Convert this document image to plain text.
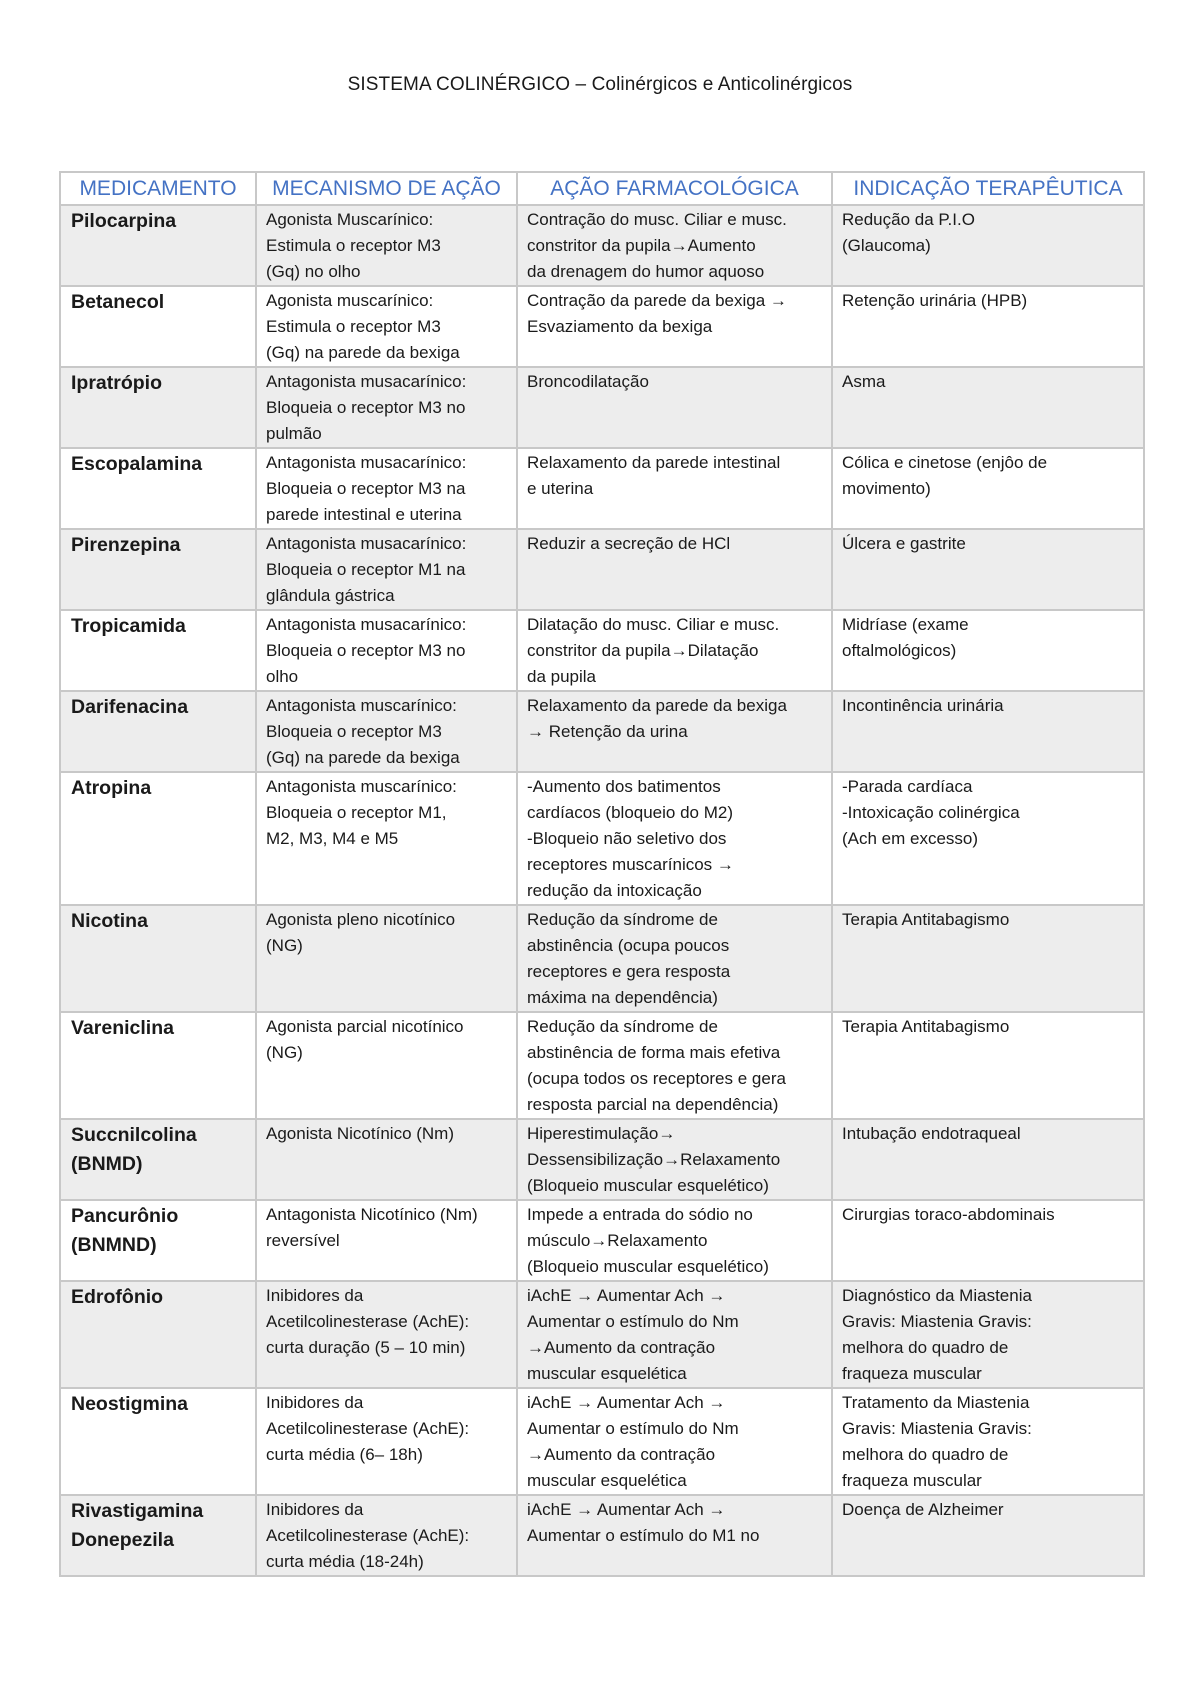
SISTEMA COLINÉRGICO – Colinérgicos e Anticolinérgicos
MEDICAMENTO	MECANISMO DE AÇÃO	AÇÃO FARMACOLÓGICA	INDICAÇÃO TERAPÊUTICA

Pilocarpina	Agonista Muscarínico:
Estimula o receptor M3
(Gq) no olho	Contração do musc. Ciliar e musc.
constritor da pupila→Aumento
da drenagem do humor aquoso	Redução da P.I.O
(Glaucoma)

Betanecol	Agonista muscarínico:
Estimula o receptor M3
(Gq) na parede da bexiga	Contração da parede da bexiga →
Esvaziamento da bexiga	Retenção urinária (HPB)

Ipratrópio	Antagonista musacarínico:
Bloqueia o receptor M3 no
pulmão	Broncodilatação	Asma

Escopalamina	Antagonista musacarínico:
Bloqueia o receptor M3 na
parede intestinal e uterina	Relaxamento da parede intestinal
e uterina	Cólica e cinetose (enjôo de
movimento)

Pirenzepina	Antagonista musacarínico:
Bloqueia o receptor M1 na
glândula gástrica	Reduzir a secreção de HCl	Úlcera e gastrite

Tropicamida	Antagonista musacarínico:
Bloqueia o receptor M3 no
olho	Dilatação do musc. Ciliar e musc.
constritor da pupila→Dilatação
da pupila	Midríase (exame
oftalmológicos)

Darifenacina	Antagonista muscarínico:
Bloqueia o receptor M3
(Gq) na parede da bexiga	Relaxamento da parede da bexiga
→ Retenção da urina	Incontinência urinária

Atropina	Antagonista muscarínico:
Bloqueia o receptor M1,
M2, M3, M4 e M5	-Aumento dos batimentos
cardíacos (bloqueio do M2)
-Bloqueio não seletivo dos
receptores muscarínicos →
redução da intoxicação	-Parada cardíaca
-Intoxicação colinérgica
(Ach em excesso)

Nicotina	Agonista pleno nicotínico
(NG)	Redução da síndrome de
abstinência (ocupa poucos
receptores e gera resposta
máxima na dependência)	Terapia Antitabagismo

Vareniclina	Agonista parcial nicotínico
(NG)	Redução da síndrome de
abstinência de forma mais efetiva
(ocupa todos os receptores e gera
resposta parcial na dependência)	Terapia Antitabagismo

Succnilcolina
(BNMD)	Agonista Nicotínico (Nm)	Hiperestimulação→
Dessensibilização→Relaxamento
(Bloqueio muscular esquelético)	Intubação endotraqueal

Pancurônio
(BNMND)	Antagonista Nicotínico (Nm)
reversível	Impede a entrada do sódio no
músculo→Relaxamento
(Bloqueio muscular esquelético)	Cirurgias toraco-abdominais

Edrofônio	Inibidores da
Acetilcolinesterase (AchE):
curta duração (5 – 10 min)	iAchE → Aumentar Ach →
Aumentar o estímulo do Nm
→Aumento da contração
muscular esquelética	Diagnóstico da Miastenia
Gravis: Miastenia Gravis:
melhora do quadro de
fraqueza muscular

Neostigmina	Inibidores da
Acetilcolinesterase (AchE):
curta média (6– 18h)	iAchE → Aumentar Ach →
Aumentar o estímulo do Nm
→Aumento da contração
muscular esquelética	Tratamento da Miastenia
Gravis: Miastenia Gravis:
melhora do quadro de
fraqueza muscular

Rivastigamina
Donepezila	Inibidores da
Acetilcolinesterase (AchE):
curta média (18-24h)	iAchE → Aumentar Ach →
Aumentar o estímulo do M1 no	Doença de Alzheimer
